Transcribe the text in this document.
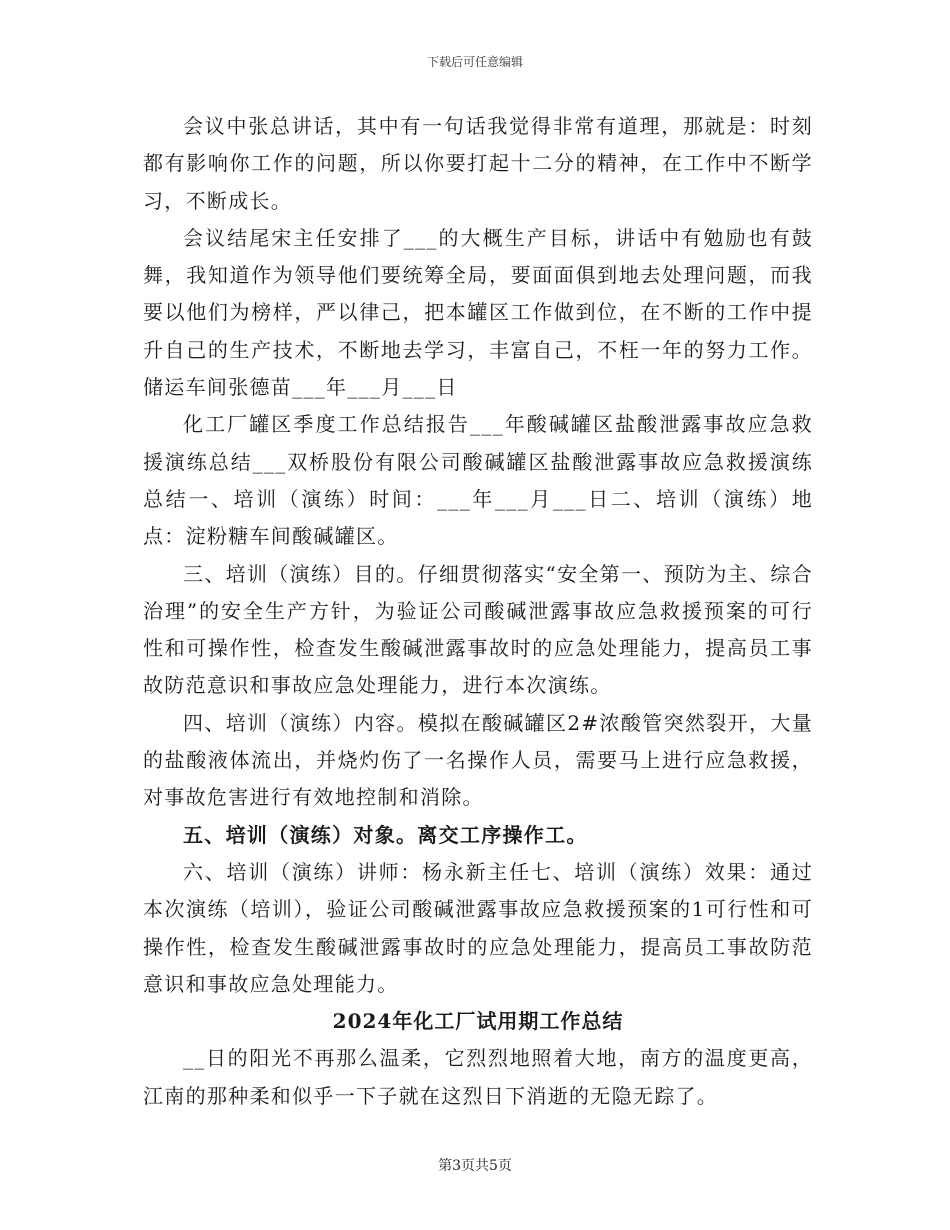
下载后可任意编辑

会议中张总讲话，其中有一句话我觉得非常有道理，那就是：时刻都有影响你工作的问题，所以你要打起十二分的精神，在工作中不断学习，不断成长。

会议结尾宋主任安排了___的大概生产目标，讲话中有勉励也有鼓舞，我知道作为领导他们要统筹全局，要面面俱到地去处理问题，而我要以他们为榜样，严以律己，把本罐区工作做到位，在不断的工作中提升自己的生产技术，不断地去学习，丰富自己，不枉一年的努力工作。储运车间张德苗___年___月___日

化工厂罐区季度工作总结报告___年酸碱罐区盐酸泄露事故应急救援演练总结___双桥股份有限公司酸碱罐区盐酸泄露事故应急救援演练总结一、培训（演练）时间：___年___月___日二、培训（演练）地点：淀粉糖车间酸碱罐区。

三、培训（演练）目的。仔细贯彻落实“安全第一、预防为主、综合治理”的安全生产方针，为验证公司酸碱泄露事故应急救援预案的可行性和可操作性，检查发生酸碱泄露事故时的应急处理能力，提高员工事故防范意识和事故应急处理能力，进行本次演练。

四、培训（演练）内容。模拟在酸碱罐区2#浓酸管突然裂开，大量的盐酸液体流出，并烧灼伤了一名操作人员，需要马上进行应急救援，对事故危害进行有效地控制和消除。

五、培训（演练）对象。离交工序操作工。

六、培训（演练）讲师：杨永新主任七、培训（演练）效果：通过本次演练（培训），验证公司酸碱泄露事故应急救援预案的1可行性和可操作性，检查发生酸碱泄露事故时的应急处理能力，提高员工事故防范意识和事故应急处理能力。

2024年化工厂试用期工作总结

__日的阳光不再那么温柔，它烈烈地照着大地，南方的温度更高，江南的那种柔和似乎一下子就在这烈日下消逝的无隐无踪了。

第3页共5页
